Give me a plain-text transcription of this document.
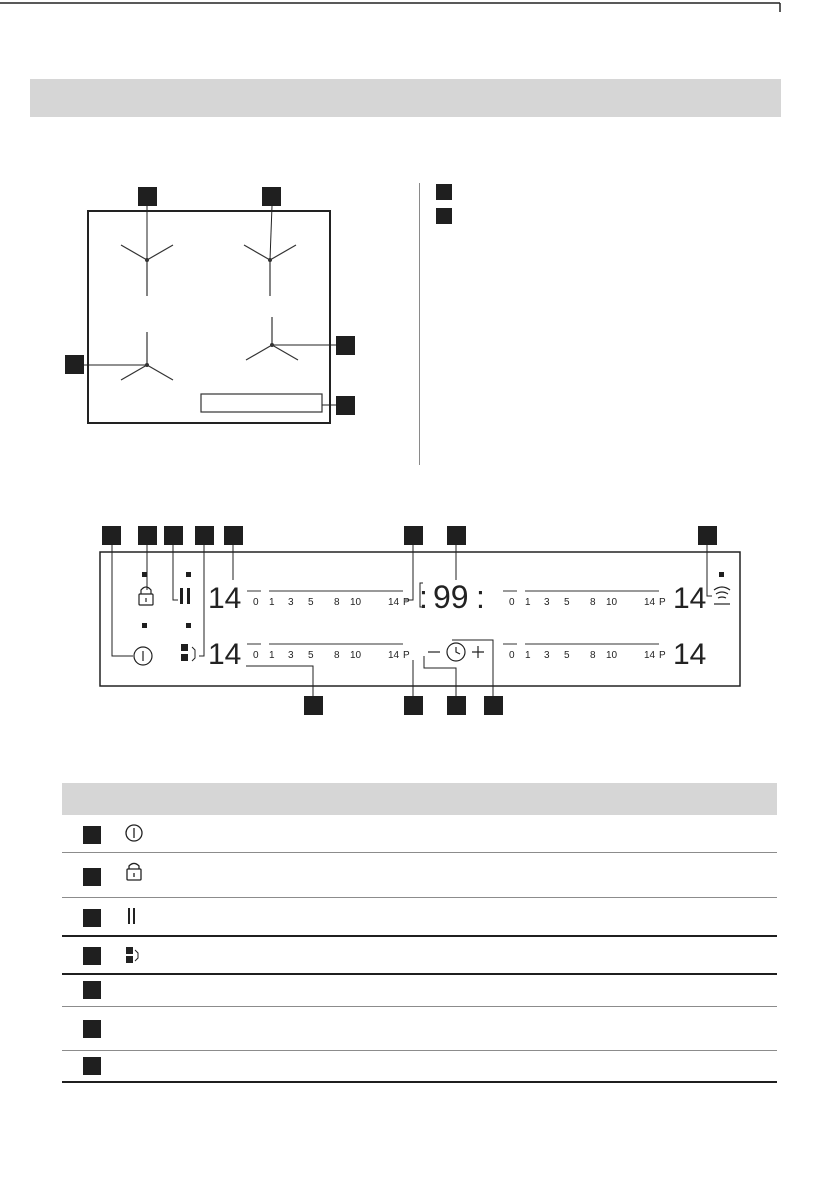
14
14
14
14
: 99 :
0 1 3 5 8 10	14 P
0 1 3 5 8 10	14 P
0 1 3 5 8 10	14 P
0 1 3 5 8 10	14 P
